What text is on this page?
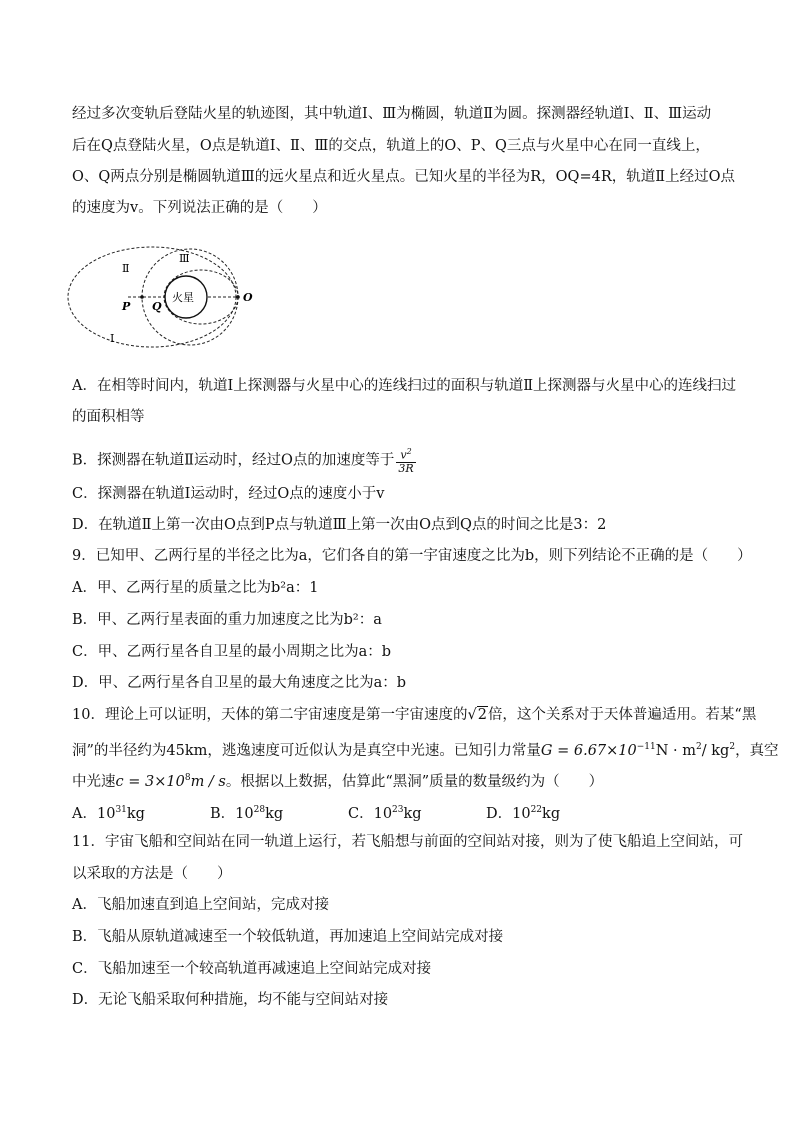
经过多次变轨后登陆火星的轨迹图，其中轨道Ⅰ、Ⅲ为椭圆，轨道Ⅱ为圆。探测器经轨道Ⅰ、Ⅱ、Ⅲ运动
后在Q点登陆火星，O点是轨道Ⅰ、Ⅱ、Ⅲ的交点，轨道上的O、P、Q三点与火星中心在同一直线上，
O、Q两点分别是椭圆轨道Ⅲ的远火星点和近火星点。已知火星的半径为R，OQ=4R，轨道Ⅱ上经过O点
的速度为v。下列说法正确的是（　　）
火星
Ⅱ
Ⅲ
Ⅰ
P Q
O
A．在相等时间内，轨道Ⅰ上探测器与火星中心的连线扫过的面积与轨道Ⅱ上探测器与火星中心的连线扫过
的面积相等
B．探测器在轨道Ⅱ运动时，经过O点的加速度等于 $\frac{v^2}{3R}$
C．探测器在轨道Ⅰ运动时，经过O点的速度小于v
D．在轨道Ⅱ上第一次由O点到P点与轨道Ⅲ上第一次由O点到Q点的时间之比是3：2
9．已知甲、乙两行星的半径之比为a，它们各自的第一宇宙速度之比为b，则下列结论不正确的是（　　）
A．甲、乙两行星的质量之比为b²a：1
B．甲、乙两行星表面的重力加速度之比为b²：a
C．甲、乙两行星各自卫星的最小周期之比为a：b
D．甲、乙两行星各自卫星的最大角速度之比为a：b
10．理论上可以证明，天体的第二宇宙速度是第一宇宙速度的√2倍，这个关系对于天体普遍适用。若某“黑
洞”的半径约为45km，逃逸速度可近似认为是真空中光速。已知引力常量$G = 6.67\times 10^{-11}N \cdot m^2/$ $kg^2$，真空
中光速$c = 3\times 10^8m / s$。根据以上数据，估算此“黑洞”质量的数量级约为（　　）
A．$10^{31}kg$	B．$10^{28}kg$	C．$10^{23}kg$	D．$10^{22}kg$
11．宇宙飞船和空间站在同一轨道上运行，若飞船想与前面的空间站对接，则为了使飞船追上空间站，可
以采取的方法是（　　）
A．飞船加速直到追上空间站，完成对接
B．飞船从原轨道减速至一个较低轨道，再加速追上空间站完成对接
C．飞船加速至一个较高轨道再减速追上空间站完成对接
D．无论飞船采取何种措施，均不能与空间站对接
